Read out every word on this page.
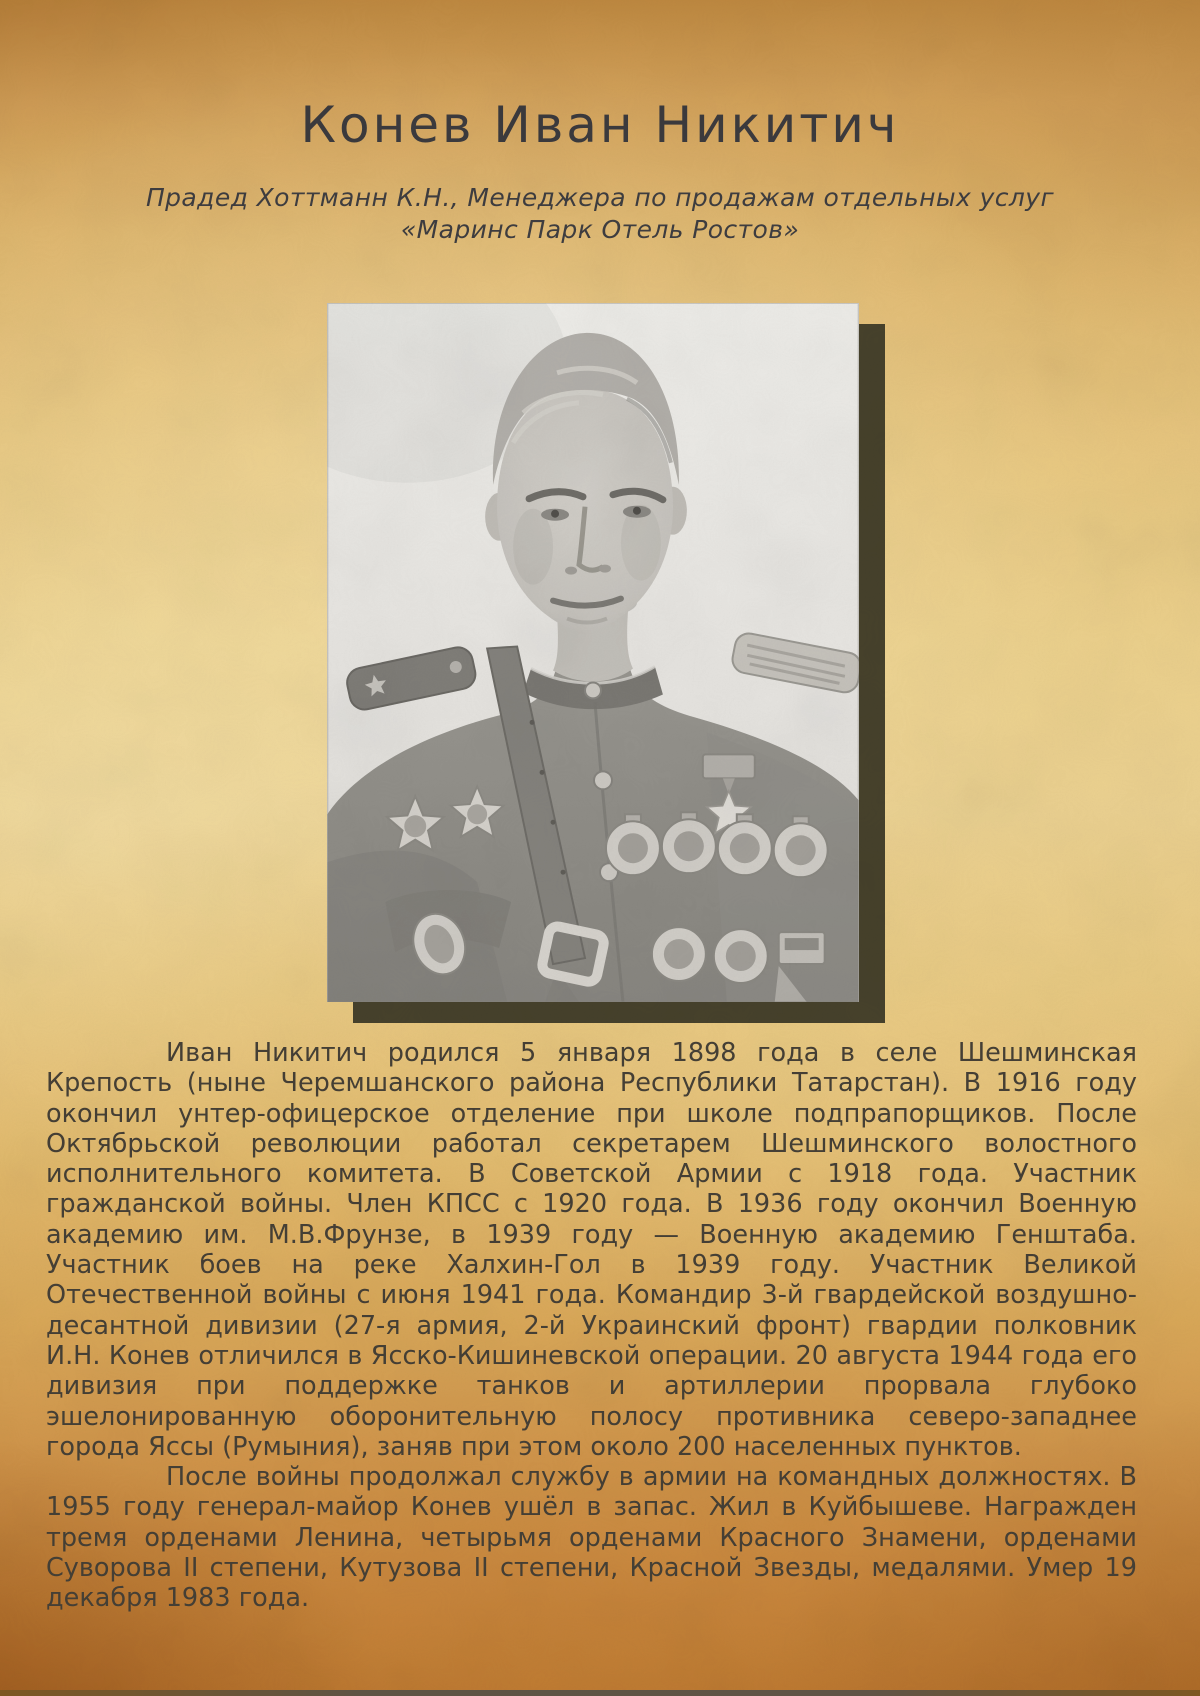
Конев Иван Никитич

Прадед Хоттманн К.Н., Менеджера по продажам отдельных услуг
«Маринс Парк Отель Ростов»

Иван Никитич родился 5 января 1898 года в селе Шешминская Крепость (ныне Черемшанского района Республики Татарстан). В 1916 году окончил унтер-офицерское отделение при школе подпрапорщиков. После Октябрьской революции работал секретарем Шешминского волостного исполнительного комитета. В Советской Армии с 1918 года. Участник гражданской войны. Член КПСС с 1920 года. В 1936 году окончил Военную академию им. М.В.Фрунзе, в 1939 году — Военную академию Генштаба. Участник боев на реке Халхин-Гол в 1939 году. Участник Великой Отечественной войны с июня 1941 года. Командир 3-й гвардейской воздушно-десантной дивизии (27-я армия, 2-й Украинский фронт) гвардии полковник И.Н. Конев отличился в Ясско-Кишиневской операции. 20 августа 1944 года его дивизия при поддержке танков и артиллерии прорвала глубоко эшелонированную оборонительную полосу противника северо-западнее города Яссы (Румыния), заняв при этом около 200 населенных пунктов.

После войны продолжал службу в армии на командных должностях. В 1955 году генерал-майор Конев ушёл в запас. Жил в Куйбышеве. Награжден тремя орденами Ленина, четырьмя орденами Красного Знамени, орденами Суворова II степени, Кутузова II степени, Красной Звезды, медалями. Умер 19 декабря 1983 года.
